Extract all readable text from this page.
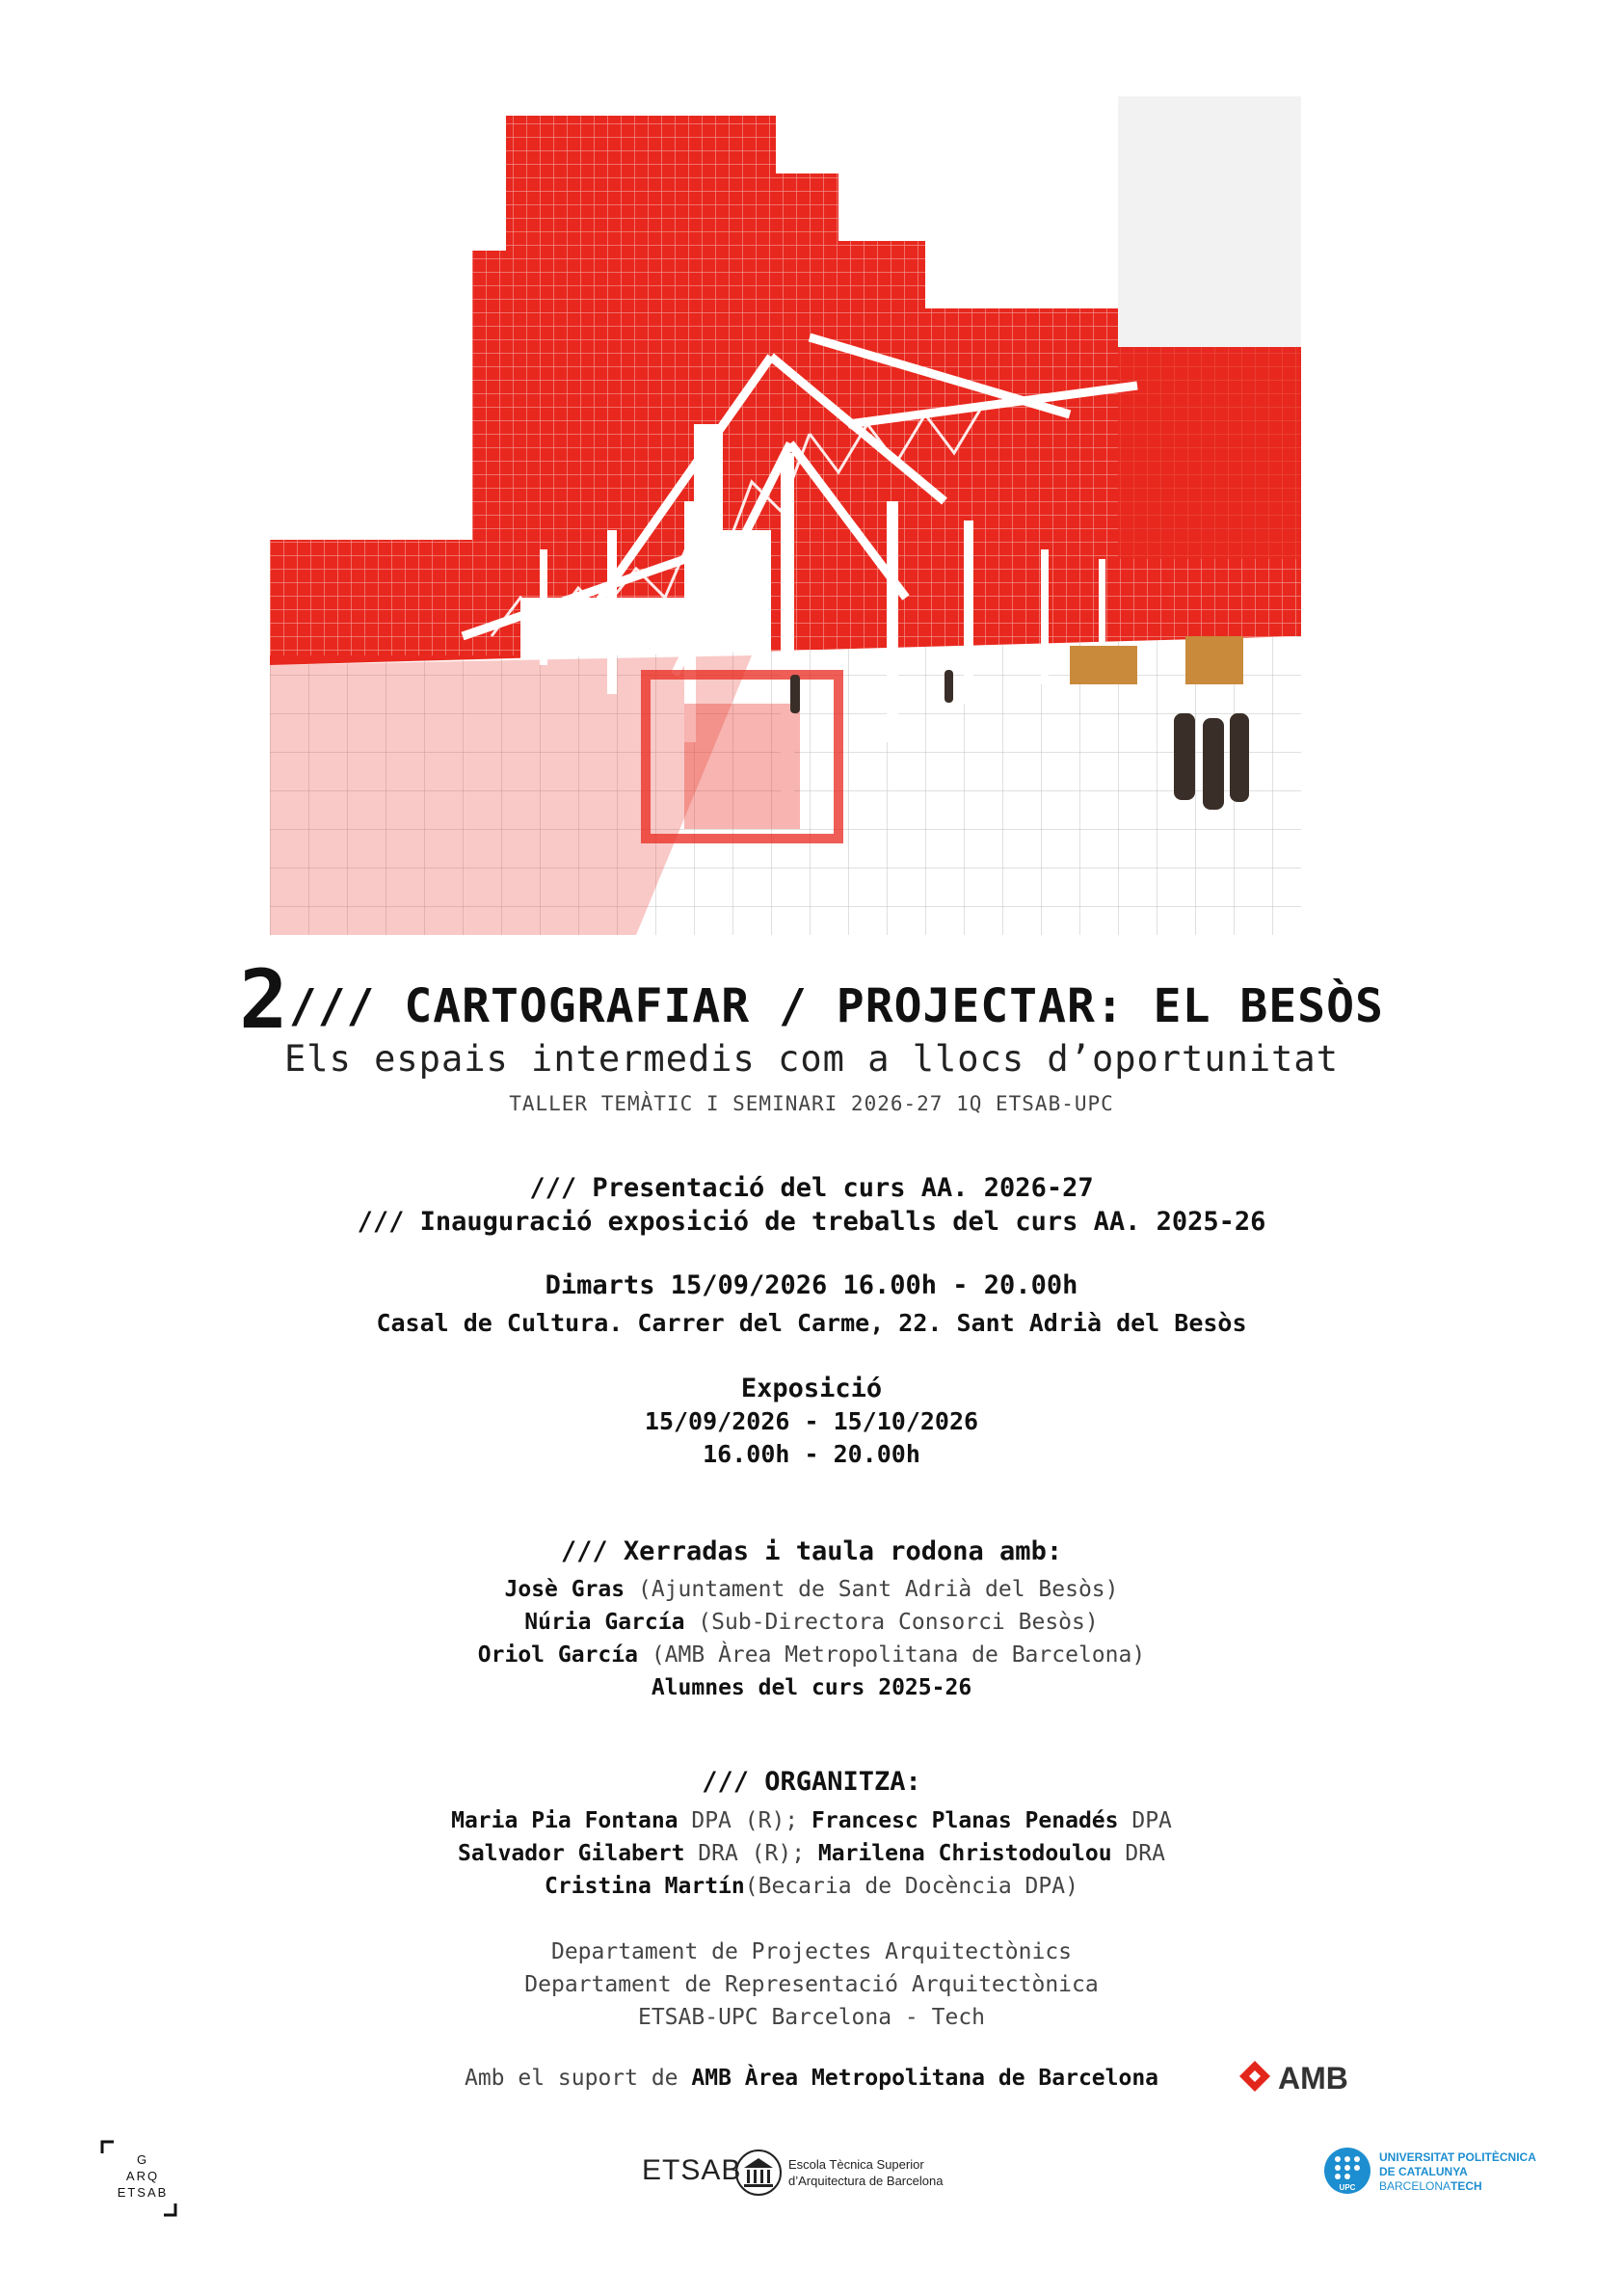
2/// CARTOGRAFIAR / PROJECTAR: EL BESÒS
Els espais intermedis com a llocs d’oportunitat
TALLER TEMÀTIC I SEMINARI 2026-27 1Q ETSAB-UPC
/// Presentació del curs AA. 2026-27
/// Inauguració exposició de treballs del curs AA. 2025-26
Dimarts 15/09/2026 16.00h - 20.00h
Casal de Cultura. Carrer del Carme, 22. Sant Adrià del Besòs
Exposició
15/09/2026 - 15/10/2026
16.00h - 20.00h
/// Xerradas i taula rodona amb:
Josè Gras (Ajuntament de Sant Adrià del Besòs)
Núria García (Sub-Directora Consorci Besòs)
Oriol García (AMB Àrea Metropolitana de Barcelona)
Alumnes del curs 2025-26
/// ORGANITZA:
Maria Pia Fontana DPA (R); Francesc Planas Penadés DPA
Salvador Gilabert DRA (R); Marilena Christodoulou DRA
Cristina Martín(Becaria de Docència DPA)
Departament de Projectes Arquitectònics
Departament de Representació Arquitectònica
ETSAB-UPC Barcelona - Tech
Amb el suport de AMB Àrea Metropolitana de Barcelona	AMB
G
ARQ
ETSAB
ETSAB	Escola Tècnica Superior
d’Arquitectura de Barcelona	UPC
UNIVERSITAT POLITÈCNICA
DE CATALUNYA
BARCELONATECH
